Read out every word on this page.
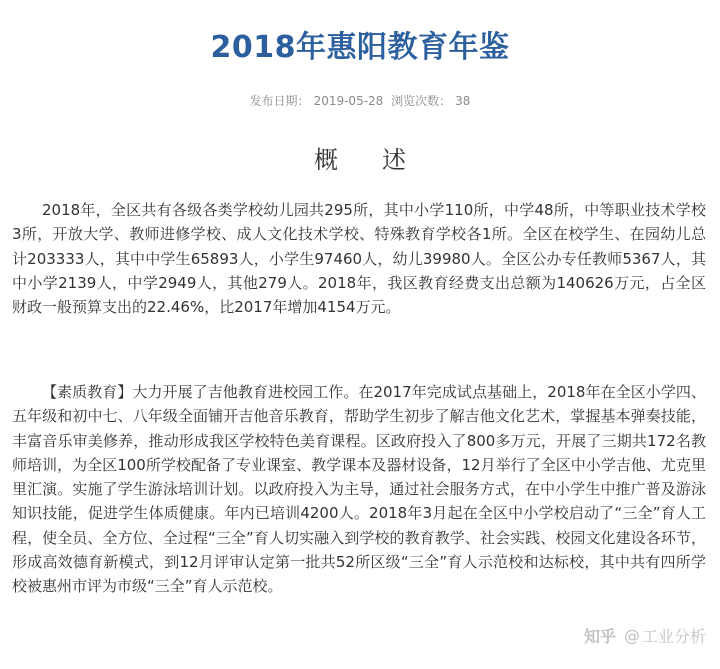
2018年惠阳教育年鉴
发布日期： 2019-05-28 浏览次数： 38
概述

2018年，全区共有各级各类学校幼儿园共295所，其中小学110所，中学48所，中等职业技术学校3所，开放大学、教师进修学校、成人文化技术学校、特殊教育学校各1所。全区在校学生、在园幼儿总计203333人，其中中学生65893人，小学生97460人，幼儿39980人。全区公办专任教师5367人，其中小学2139人，中学2949人，其他279人。2018年，我区教育经费支出总额为140626万元，占全区财政一般预算支出的22.46%，比2017年增加4154万元。

【素质教育】大力开展了吉他教育进校园工作。在2017年完成试点基础上，2018年在全区小学四、五年级和初中七、八年级全面铺开吉他音乐教育，帮助学生初步了解吉他文化艺术，掌握基本弹奏技能，丰富音乐审美修养，推动形成我区学校特色美育课程。区政府投入了800多万元，开展了三期共172名教师培训，为全区100所学校配备了专业课室、教学课本及器材设备，12月举行了全区中小学吉他、尤克里里汇演。实施了学生游泳培训计划。以政府投入为主导，通过社会服务方式，在中小学生中推广普及游泳知识技能，促进学生体质健康。年内已培训4200人。2018年3月起在全区中小学校启动了“三全”育人工程，使全员、全方位、全过程“三全”育人切实融入到学校的教育教学、社会实践、校园文化建设各环节，形成高效德育新模式，到12月评审认定第一批共52所区级“三全”育人示范校和达标校，其中共有四所学校被惠州市评为市级“三全”育人示范校。

知乎 @ 工业分析
